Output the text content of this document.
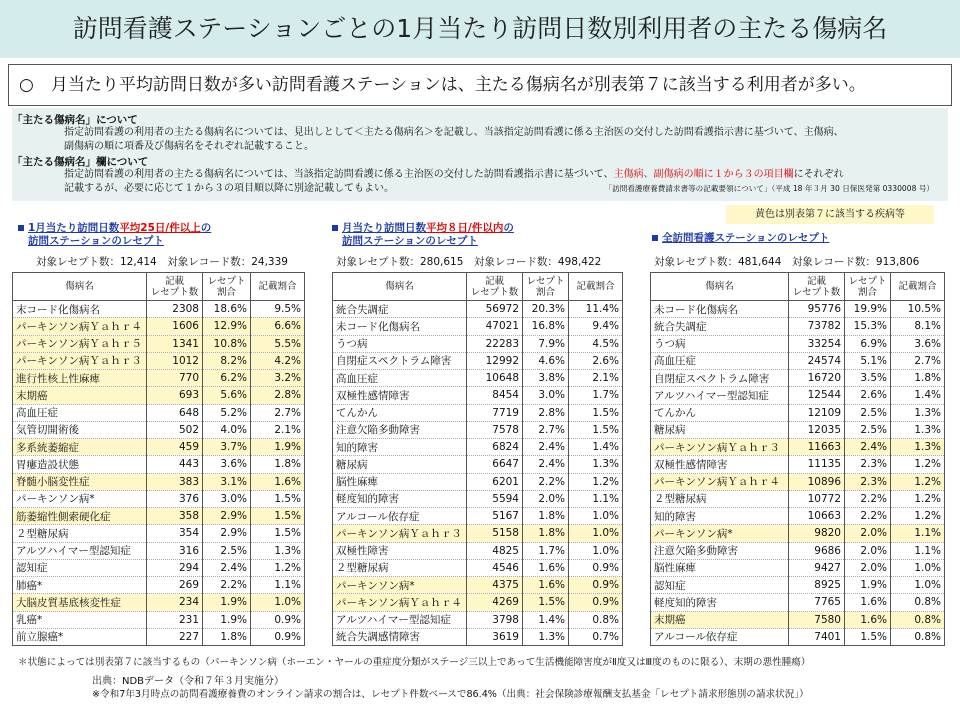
訪問看護ステーションごとの1月当たり訪問日数別利用者の主たる傷病名
○　月当たり平均訪問日数が多い訪問看護ステーションは、主たる傷病名が別表第７に該当する利用者が多い。
「主たる傷病名」について
指定訪問看護の利用者の主たる傷病名については、見出しとして＜主たる傷病名＞を記載し、当該指定訪問看護に係る主治医の交付した訪問看護指示書に基づいて、主傷病、
副傷病の順に項番及び傷病名をそれぞれ記載すること。
「主たる傷病名」欄について
指定訪問看護の利用者の主たる傷病名については、当該指定訪問看護に係る主治医の交付した訪問看護指示書に基づいて、主傷病、副傷病の順に１から３の項目欄にそれぞれ
記載するが、必要に応じて１から３の項目順以降に別途記載してもよい。	「訪問看護療養費請求書等の記載要領について」（平成 18 年３月 30 日保医発第 0330008 号）
黄色は別表第７に該当する疾病等
1月当たり訪問日数平均25日/件以上の
訪問ステーションのレセプト
対象レセプト数：12,414　対象レコード数：24,339
傷病名	記載
レセプト数	レセプト
割合	記載割合
末コード化傷病名	2308	18.6%	9.5%
パーキンソン病Ｙａｈｒ４	1606	12.9%	6.6%
パーキンソン病Ｙａｈｒ５	1341	10.8%	5.5%
パーキンソン病Ｙａｈｒ３	1012	8.2%	4.2%
進行性核上性麻痺	770	6.2%	3.2%
末期癌	693	5.6%	2.8%
高血圧症	648	5.2%	2.7%
気管切開術後	502	4.0%	2.1%
多系統萎縮症	459	3.7%	1.9%
胃瘻造設状態	443	3.6%	1.8%
脊髄小脳変性症	383	3.1%	1.6%
パーキンソン病*	376	3.0%	1.5%
筋萎縮性側索硬化症	358	2.9%	1.5%
２型糖尿病	354	2.9%	1.5%
アルツハイマー型認知症	316	2.5%	1.3%
認知症	294	2.4%	1.2%
肺癌*	269	2.2%	1.1%
大脳皮質基底核変性症	234	1.9%	1.0%
乳癌*	231	1.9%	0.9%
前立腺癌*	227	1.8%	0.9%
月当たり訪問日数平均８日/件以内の
訪問ステーションのレセプト
対象レセプト数：280,615　対象レコード数：498,422
傷病名	記載
レセプト数	レセプト
割合	記載割合
統合失調症	56972	20.3%	11.4%
未コード化傷病名	47021	16.8%	9.4%
うつ病	22283	7.9%	4.5%
自閉症スペクトラム障害	12992	4.6%	2.6%
高血圧症	10648	3.8%	2.1%
双極性感情障害	8454	3.0%	1.7%
てんかん	7719	2.8%	1.5%
注意欠陥多動障害	7578	2.7%	1.5%
知的障害	6824	2.4%	1.4%
糖尿病	6647	2.4%	1.3%
脳性麻痺	6201	2.2%	1.2%
軽度知的障害	5594	2.0%	1.1%
アルコール依存症	5167	1.8%	1.0%
パーキンソン病Ｙａｈｒ３	5158	1.8%	1.0%
双極性障害	4825	1.7%	1.0%
２型糖尿病	4546	1.6%	0.9%
パーキンソン病*	4375	1.6%	0.9%
パーキンソン病Ｙａｈｒ４	4269	1.5%	0.9%
アルツハイマー型認知症	3798	1.4%	0.8%
統合失調感情障害	3619	1.3%	0.7%
全訪問看護ステーションのレセプト
対象レセプト数：481,644　対象レコード数：913,806
傷病名	記載
レセプト数	レセプト
割合	記載割合
未コード化傷病名	95776	19.9%	10.5%
統合失調症	73782	15.3%	8.1%
うつ病	33254	6.9%	3.6%
高血圧症	24574	5.1%	2.7%
自閉症スペクトラム障害	16720	3.5%	1.8%
アルツハイマー型認知症	12544	2.6%	1.4%
てんかん	12109	2.5%	1.3%
糖尿病	12035	2.5%	1.3%
パーキンソン病Ｙａｈｒ３	11663	2.4%	1.3%
双極性感情障害	11135	2.3%	1.2%
パーキンソン病Ｙａｈｒ４	10896	2.3%	1.2%
２型糖尿病	10772	2.2%	1.2%
知的障害	10663	2.2%	1.2%
パーキンソン病*	9820	2.0%	1.1%
注意欠陥多動障害	9686	2.0%	1.1%
脳性麻痺	9427	2.0%	1.0%
認知症	8925	1.9%	1.0%
軽度知的障害	7765	1.6%	0.8%
末期癌	7580	1.6%	0.8%
アルコール依存症	7401	1.5%	0.8%
＊状態によっては別表第７に該当するもの（パーキンソン病（ホーエン・ヤールの重症度分類がステージ三以上であって生活機能障害度がⅡ度又はⅢ度のものに限る）、末期の悪性腫瘍）
出典：NDBデータ（令和７年３月実施分）
※令和7年3月時点の訪問看護療養費のオンライン請求の割合は、レセプト件数ベースで86.4%（出典：社会保険診療報酬支払基金「レセプト請求形態別の請求状況」）
